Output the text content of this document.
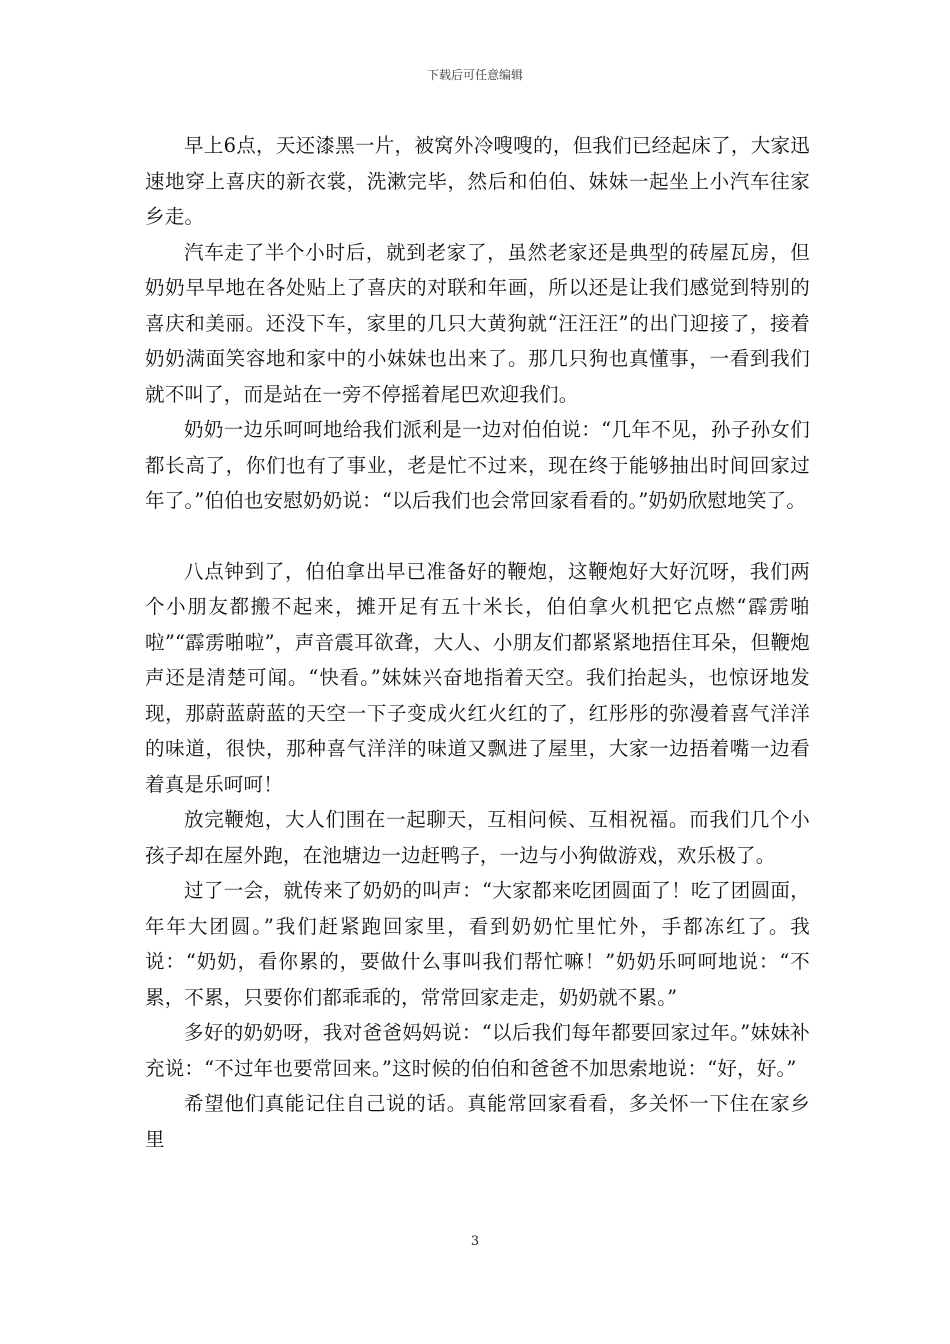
下载后可任意编辑

早上6点，天还漆黑一片，被窝外冷嗖嗖的，但我们已经起床了，大家迅速地穿上喜庆的新衣裳，洗漱完毕，然后和伯伯、妹妹一起坐上小汽车往家乡走。

汽车走了半个小时后，就到老家了，虽然老家还是典型的砖屋瓦房，但奶奶早早地在各处贴上了喜庆的对联和年画，所以还是让我们感觉到特别的喜庆和美丽。还没下车，家里的几只大黄狗就“汪汪汪”的出门迎接了，接着奶奶满面笑容地和家中的小妹妹也出来了。那几只狗也真懂事，一看到我们就不叫了，而是站在一旁不停摇着尾巴欢迎我们。

奶奶一边乐呵呵地给我们派利是一边对伯伯说：“几年不见，孙子孙女们都长高了，你们也有了事业，老是忙不过来，现在终于能够抽出时间回家过年了。”伯伯也安慰奶奶说：“以后我们也会常回家看看的。”奶奶欣慰地笑了。

八点钟到了，伯伯拿出早已准备好的鞭炮，这鞭炮好大好沉呀，我们两个小朋友都搬不起来，摊开足有五十米长，伯伯拿火机把它点燃“霹雳啪啦”“霹雳啪啦”，声音震耳欲聋，大人、小朋友们都紧紧地捂住耳朵，但鞭炮声还是清楚可闻。“快看。”妹妹兴奋地指着天空。我们抬起头，也惊讶地发现，那蔚蓝蔚蓝的天空一下子变成火红火红的了，红彤彤的弥漫着喜气洋洋的味道，很快，那种喜气洋洋的味道又飘进了屋里，大家一边捂着嘴一边看着真是乐呵呵！

放完鞭炮，大人们围在一起聊天，互相问候、互相祝福。而我们几个小孩子却在屋外跑，在池塘边一边赶鸭子，一边与小狗做游戏，欢乐极了。

过了一会，就传来了奶奶的叫声：“大家都来吃团圆面了！吃了团圆面，年年大团圆。”我们赶紧跑回家里，看到奶奶忙里忙外，手都冻红了。我说：“奶奶，看你累的，要做什么事叫我们帮忙嘛！”奶奶乐呵呵地说：“不累，不累，只要你们都乖乖的，常常回家走走，奶奶就不累。”

多好的奶奶呀，我对爸爸妈妈说：“以后我们每年都要回家过年。”妹妹补充说：“不过年也要常回来。”这时候的伯伯和爸爸不加思索地说：“好，好。”

希望他们真能记住自己说的话。真能常回家看看，多关怀一下住在家乡里

3
